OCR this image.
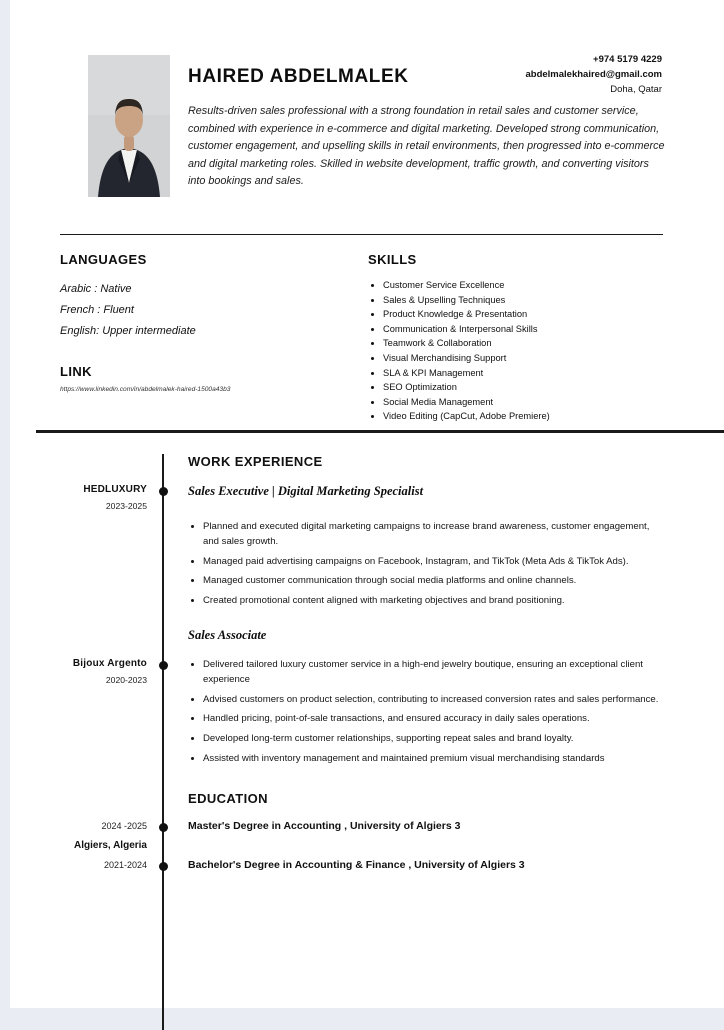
+974 5179 4229
abdelmalekhaired@gmail.com
Doha, Qatar
HAIRED ABDELMALEK

Results-driven sales professional with a strong foundation in retail sales and customer service, combined with experience in e-commerce and digital marketing. Developed strong communication, customer engagement, and upselling skills in retail environments, then progressed into e-commerce and digital marketing roles. Skilled in website development, traffic growth, and converting visitors into bookings and sales.

LANGUAGES
Arabic : Native
French : Fluent
English: Upper intermediate
LINK
https://www.linkedin.com/in/abdelmalek-haired-1500a43b3
SKILLS
• Customer Service Excellence
• Sales & Upselling Techniques
• Product Knowledge & Presentation
• Communication & Interpersonal Skills
• Teamwork & Collaboration
• Visual Merchandising Support
• SLA & KPI Management
• SEO Optimization
• Social Media Management
• Video Editing (CapCut, Adobe Premiere)
WORK EXPERIENCE
HEDLUXURY
2023-2025
Sales Executive | Digital Marketing Specialist
• Planned and executed digital marketing campaigns to increase brand awareness, customer engagement, and sales growth.
• Managed paid advertising campaigns on Facebook, Instagram, and TikTok (Meta Ads & TikTok Ads).
• Managed customer communication through social media platforms and online channels.
• Created promotional content aligned with marketing objectives and brand positioning.
Sales Associate
Bijoux Argento
2020-2023
• Delivered tailored luxury customer service in a high-end jewelry boutique, ensuring an exceptional client experience
• Advised customers on product selection, contributing to increased conversion rates and sales performance.
• Handled pricing, point-of-sale transactions, and ensured accuracy in daily sales operations.
• Developed long-term customer relationships, supporting repeat sales and brand loyalty.
• Assisted with inventory management and maintained premium visual merchandising standards
EDUCATION
2024 -2025	Master's Degree in Accounting , University of Algiers 3
Algiers, Algeria
2021-2024	Bachelor's Degree in Accounting & Finance , University of Algiers 3
